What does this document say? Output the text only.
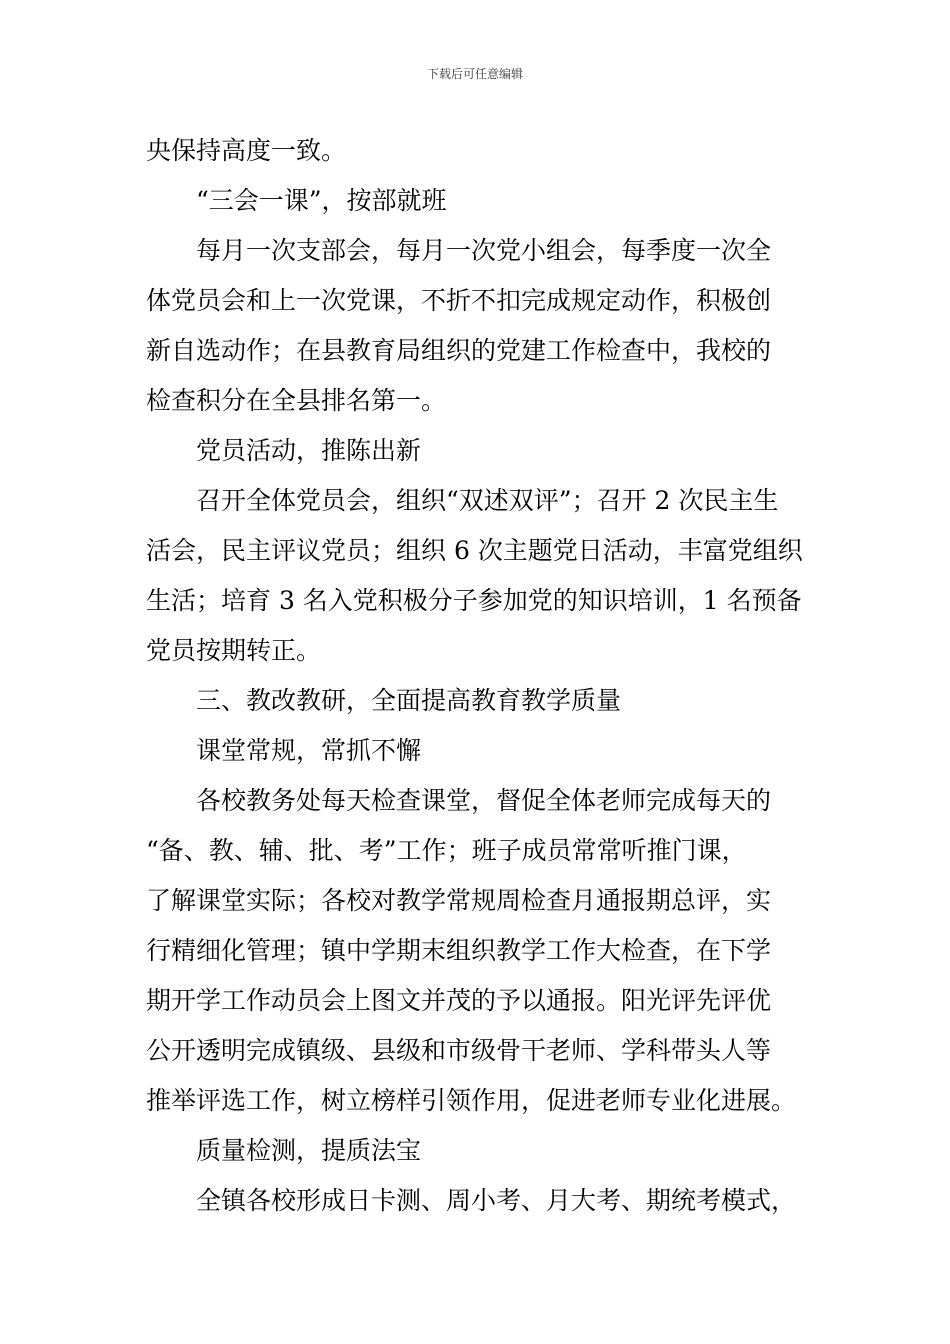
下载后可任意编辑
央保持高度一致。
“三会一课”，按部就班
每月一次支部会，每月一次党小组会，每季度一次全
体党员会和上一次党课，不折不扣完成规定动作，积极创
新自选动作；在县教育局组织的党建工作检查中，我校的
检查积分在全县排名第一。
党员活动，推陈出新
召开全体党员会，组织“双述双评”；召开 2 次民主生
活会，民主评议党员；组织 6 次主题党日活动，丰富党组织
生活；培育 3 名入党积极分子参加党的知识培训，1 名预备
党员按期转正。
三、教改教研，全面提高教育教学质量
课堂常规，常抓不懈
各校教务处每天检查课堂，督促全体老师完成每天的
“备、教、辅、批、考”工作；班子成员常常听推门课，
了解课堂实际；各校对教学常规周检查月通报期总评，实
行精细化管理；镇中学期末组织教学工作大检查，在下学
期开学工作动员会上图文并茂的予以通报。阳光评先评优
公开透明完成镇级、县级和市级骨干老师、学科带头人等
推举评选工作，树立榜样引领作用，促进老师专业化进展。
质量检测，提质法宝
全镇各校形成日卡测、周小考、月大考、期统考模式，
